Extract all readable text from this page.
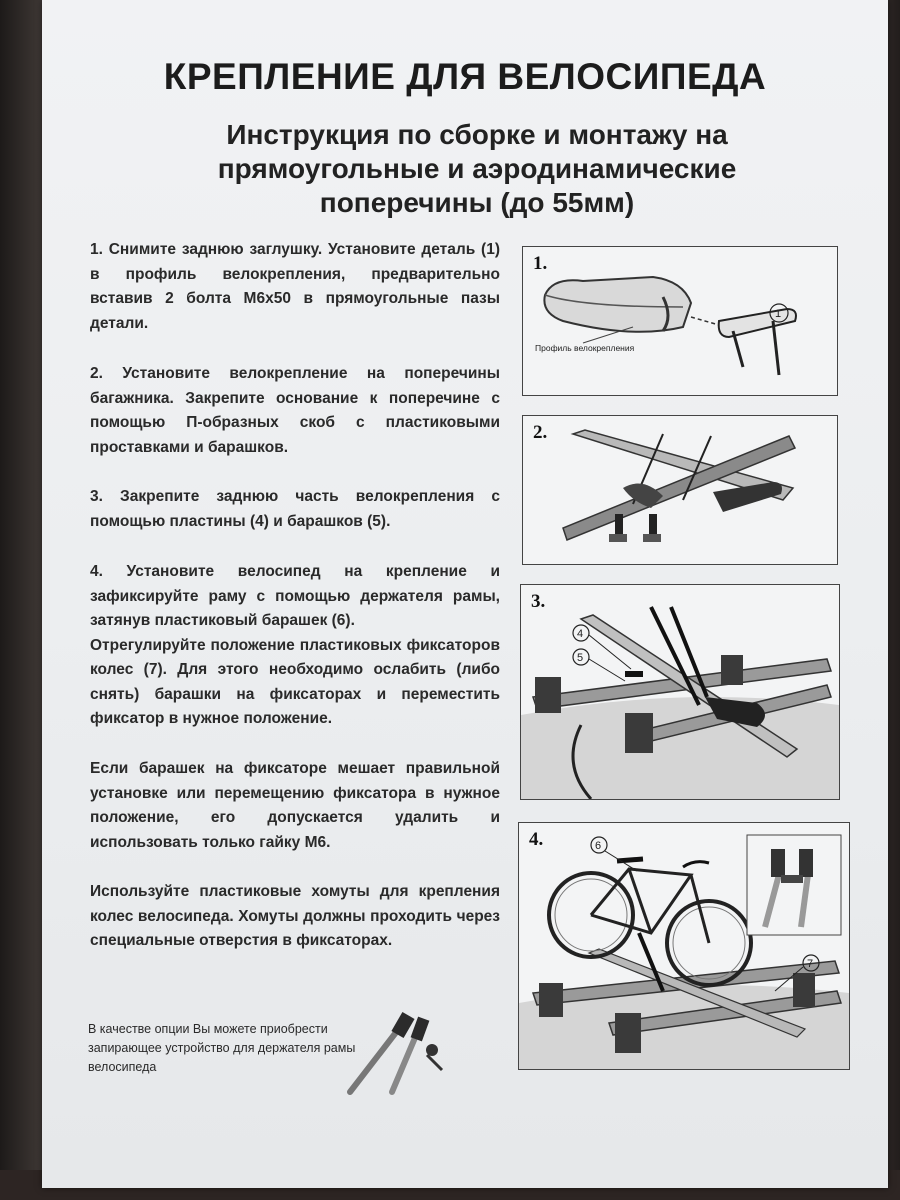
КРЕПЛЕНИЕ ДЛЯ ВЕЛОСИПЕДА
Инструкция по сборке и монтажу на прямоугольные и аэродинамические поперечины (до 55мм)

1. Снимите заднюю заглушку. Установите деталь (1) в профиль велокрепления, предварительно вставив 2 болта М6х50 в прямоугольные пазы детали.

2. Установите велокрепление на поперечины багажника. Закрепите основание к поперечине с помощью П-образных скоб с пластиковыми проставками и барашков.

3. Закрепите заднюю часть велокрепления с помощью пластины (4) и барашков (5).

4. Установите велосипед на крепление и зафиксируйте раму с помощью держателя рамы, затянув пластиковый барашек (6).

Отрегулируйте положение пластиковых фиксаторов колес (7). Для этого необходимо ослабить (либо снять) барашки на фиксаторах и переместить фиксатор в нужное положение.

Если барашек на фиксаторе мешает правильной установке или перемещению фиксатора в нужное положение, его допускается удалить и использовать только гайку М6.

Используйте пластиковые хомуты для крепления колес велосипеда. Хомуты должны проходить через специальные отверстия в фиксаторах.

В качестве опции Вы можете приобрести запирающее устройство для держателя рамы велосипеда
1.
1
Профиль велокрепления
2.
3.
4
5
4.	6
7
